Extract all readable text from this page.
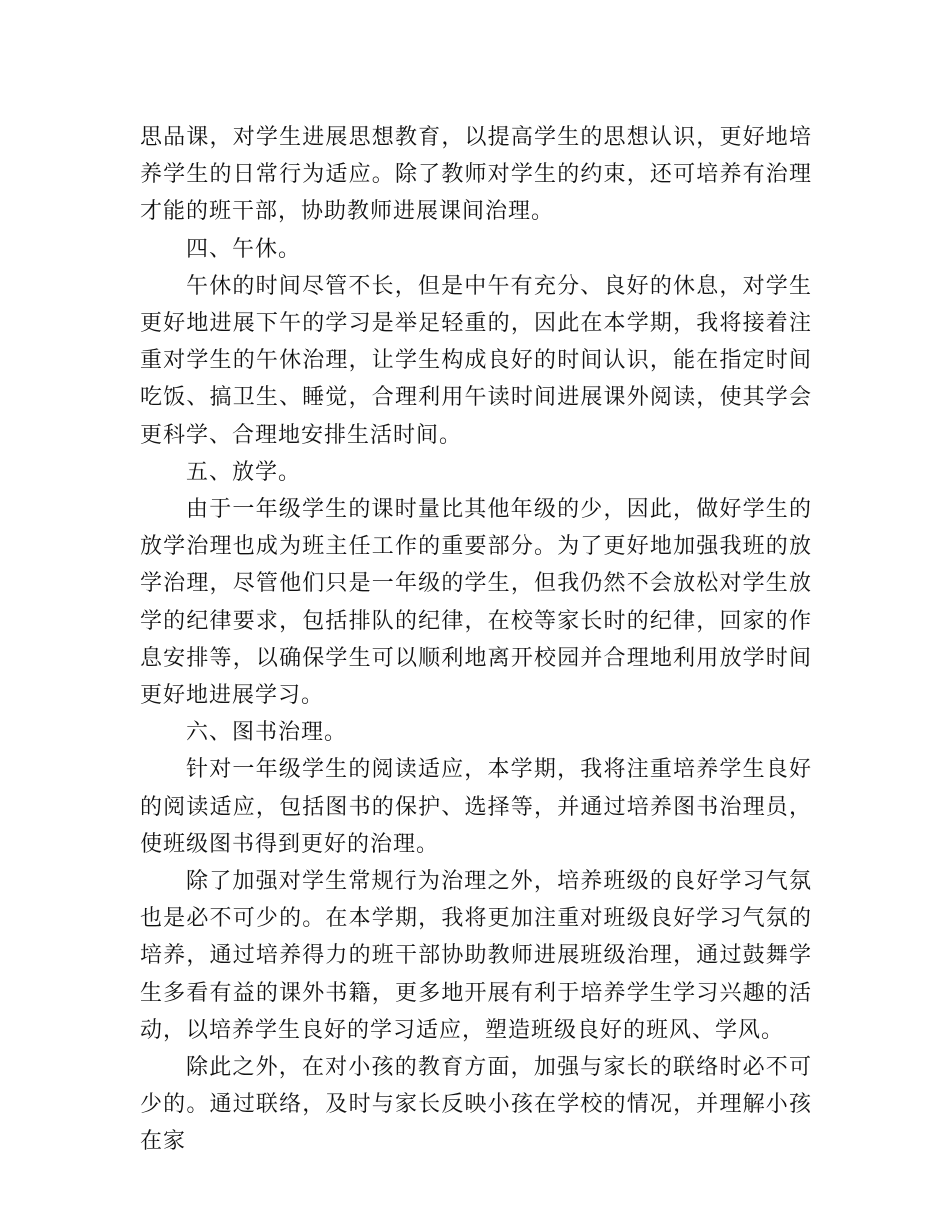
思品课，对学生进展思想教育，以提高学生的思想认识，更好地培养学生的日常行为适应。除了教师对学生的约束，还可培养有治理才能的班干部，协助教师进展课间治理。

四、午休。

午休的时间尽管不长，但是中午有充分、良好的休息，对学生更好地进展下午的学习是举足轻重的，因此在本学期，我将接着注重对学生的午休治理，让学生构成良好的时间认识，能在指定时间吃饭、搞卫生、睡觉，合理利用午读时间进展课外阅读，使其学会更科学、合理地安排生活时间。

五、放学。

由于一年级学生的课时量比其他年级的少，因此，做好学生的放学治理也成为班主任工作的重要部分。为了更好地加强我班的放学治理，尽管他们只是一年级的学生，但我仍然不会放松对学生放学的纪律要求，包括排队的纪律，在校等家长时的纪律，回家的作息安排等，以确保学生可以顺利地离开校园并合理地利用放学时间更好地进展学习。

六、图书治理。

针对一年级学生的阅读适应，本学期，我将注重培养学生良好的阅读适应，包括图书的保护、选择等，并通过培养图书治理员，使班级图书得到更好的治理。

除了加强对学生常规行为治理之外，培养班级的良好学习气氛也是必不可少的。在本学期，我将更加注重对班级良好学习气氛的培养，通过培养得力的班干部协助教师进展班级治理，通过鼓舞学生多看有益的课外书籍，更多地开展有利于培养学生学习兴趣的活动，以培养学生良好的学习适应，塑造班级良好的班风、学风。

除此之外，在对小孩的教育方面，加强与家长的联络时必不可少的。通过联络，及时与家长反映小孩在学校的情况，并理解小孩在家
